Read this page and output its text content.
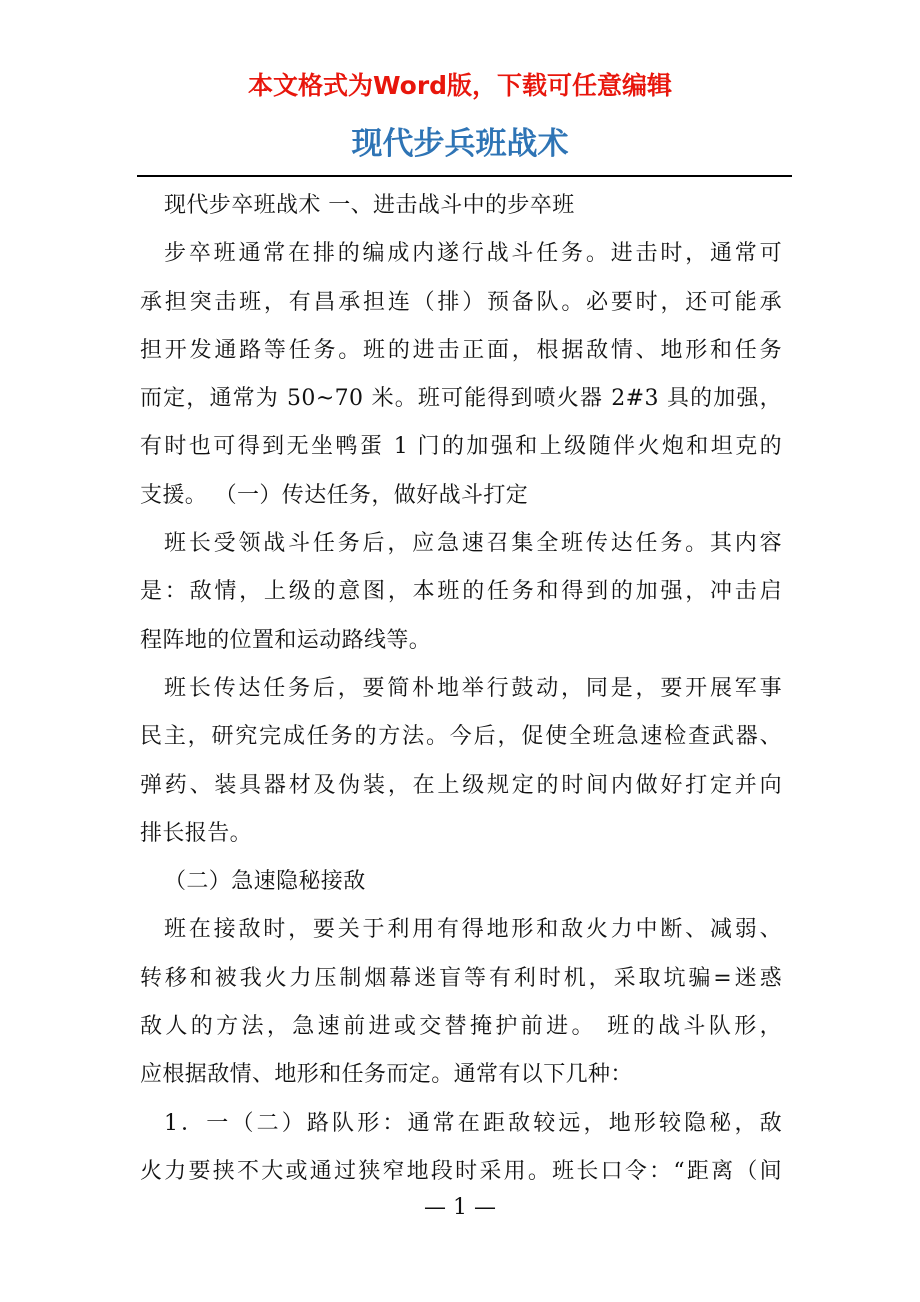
本文格式为Word版，下载可任意编辑
现代步兵班战术
现代步卒班战术 一、进击战斗中的步卒班
步卒班通常在排的编成内遂行战斗任务。进击时，通常可
承担突击班，有昌承担连（排）预备队。必要时，还可能承
担开发通路等任务。班的进击正面，根据敌情、地形和任务
而定，通常为 50~70 米。班可能得到喷火器 2#3 具的加强，
有时也可得到无坐鸭蛋 1 门的加强和上级随伴火炮和坦克的
支援。 （一）传达任务，做好战斗打定
班长受领战斗任务后，应急速召集全班传达任务。其内容
是：敌情，上级的意图，本班的任务和得到的加强，冲击启
程阵地的位置和运动路线等。
班长传达任务后，要简朴地举行鼓动，同是，要开展军事
民主，研究完成任务的方法。今后，促使全班急速检查武器、
弹药、装具器材及伪装，在上级规定的时间内做好打定并向
排长报告。
（二）急速隐秘接敌
班在接敌时，要关于利用有得地形和敌火力中断、减弱、
转移和被我火力压制烟幕迷盲等有利时机，采取坑骗=迷惑
敌人的方法，急速前进或交替掩护前进。 班的战斗队形，
应根据敌情、地形和任务而定。通常有以下几种：
1．一（二）路队形：通常在距敌较远，地形较隐秘，敌
火力要挟不大或通过狭窄地段时采用。班长口令：“距离（间
— 1 —
